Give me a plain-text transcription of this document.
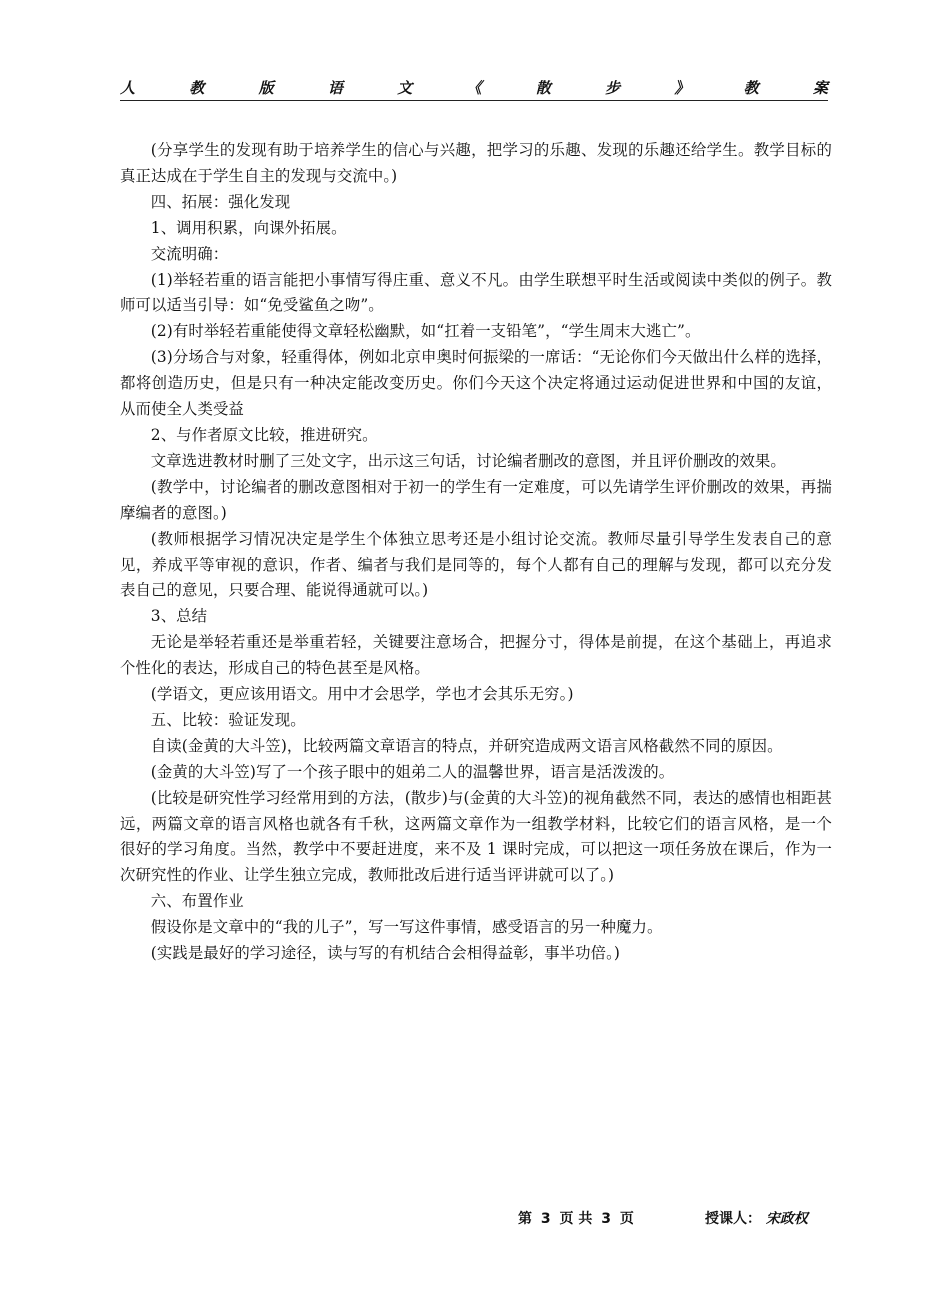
人	教	版	语	文	《	散	步	》	教	案

(分享学生的发现有助于培养学生的信心与兴趣，把学习的乐趣、发现的乐趣还给学生。教学目标的真正达成在于学生自主的发现与交流中。)

四、拓展：强化发现

1、调用积累，向课外拓展。

交流明确：

(1)举轻若重的语言能把小事情写得庄重、意义不凡。由学生联想平时生活或阅读中类似的例子。教师可以适当引导：如“免受鲨鱼之吻”。

(2)有时举轻若重能使得文章轻松幽默，如“扛着一支铅笔”，“学生周末大逃亡”。

(3)分场合与对象，轻重得体，例如北京申奥时何振梁的一席话：“无论你们今天做出什么样的选择，都将创造历史，但是只有一种决定能改变历史。你们今天这个决定将通过运动促进世界和中国的友谊，从而使全人类受益

2、与作者原文比较，推进研究。

文章选进教材时删了三处文字，出示这三句话，讨论编者删改的意图，并且评价删改的效果。

(教学中，讨论编者的删改意图相对于初一的学生有一定难度，可以先请学生评价删改的效果，再揣摩编者的意图。)

(教师根据学习情况决定是学生个体独立思考还是小组讨论交流。教师尽量引导学生发表自己的意见，养成平等审视的意识，作者、编者与我们是同等的，每个人都有自己的理解与发现，都可以充分发表自己的意见，只要合理、能说得通就可以。)

3、总结

无论是举轻若重还是举重若轻，关键要注意场合，把握分寸，得体是前提，在这个基础上，再追求个性化的表达，形成自己的特色甚至是风格。

(学语文，更应该用语文。用中才会思学，学也才会其乐无穷。)

五、比较：验证发现。

自读(金黄的大斗笠)，比较两篇文章语言的特点，并研究造成两文语言风格截然不同的原因。

(金黄的大斗笠)写了一个孩子眼中的姐弟二人的温馨世界，语言是活泼泼的。

(比较是研究性学习经常用到的方法，(散步)与(金黄的大斗笠)的视角截然不同，表达的感情也相距甚远，两篇文章的语言风格也就各有千秋，这两篇文章作为一组教学材料，比较它们的语言风格，是一个很好的学习角度。当然，教学中不要赶进度，来不及 1 课时完成，可以把这一项任务放在课后，作为一次研究性的作业、让学生独立完成，教师批改后进行适当评讲就可以了。)

六、布置作业

假设你是文章中的“我的儿子”，写一写这件事情，感受语言的另一种魔力。

(实践是最好的学习途径，读与写的有机结合会相得益彰，事半功倍。)

第 3 页 共 3 页	授课人： 宋政权
